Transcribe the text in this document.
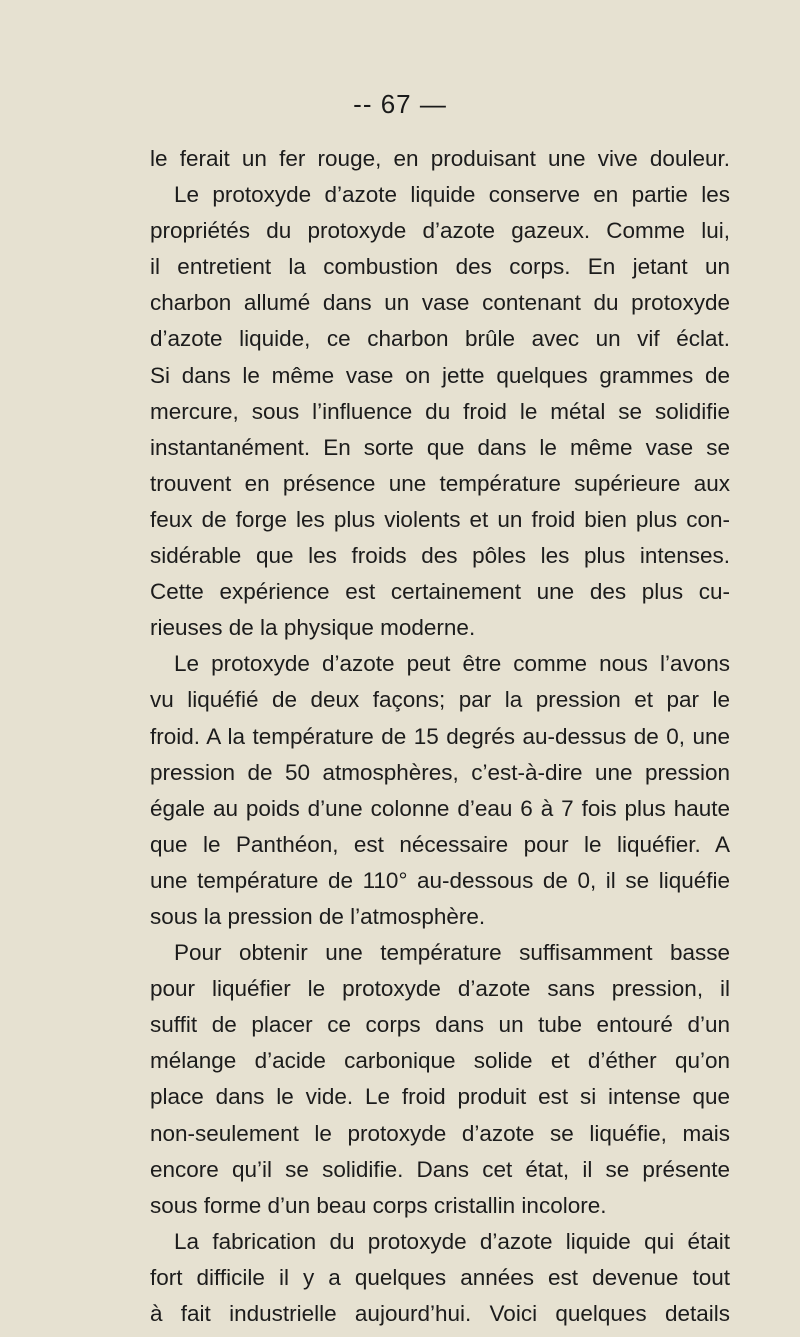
-- 67 —
le ferait un fer rouge, en produisant une vive douleur.
Le protoxyde d’azote liquide conserve en partie les
propriétés du protoxyde d’azote gazeux. Comme lui,
il entretient la combustion des corps. En jetant un
charbon allumé dans un vase contenant du protoxyde
d’azote liquide, ce charbon brûle avec un vif éclat.
Si dans le même vase on jette quelques grammes de
mercure, sous l’influence du froid le métal se solidifie
instantanément. En sorte que dans le même vase se
trouvent en présence une température supérieure aux
feux de forge les plus violents et un froid bien plus con-
sidérable que les froids des pôles les plus intenses.
Cette expérience est certainement une des plus cu-
rieuses de la physique moderne.
Le protoxyde d’azote peut être comme nous l’avons
vu liquéfié de deux façons; par la pression et par le
froid. A la température de 15 degrés au-dessus de 0, une
pression de 50 atmosphères, c’est-à-dire une pression
égale au poids d’une colonne d’eau 6 à 7 fois plus haute
que le Panthéon, est nécessaire pour le liquéfier. A
une température de 110° au-dessous de 0, il se liquéfie
sous la pression de l’atmosphère.
Pour obtenir une température suffisamment basse
pour liquéfier le protoxyde d’azote sans pression, il
suffit de placer ce corps dans un tube entouré d’un
mélange d’acide carbonique solide et d’éther qu’on
place dans le vide. Le froid produit est si intense que
non-seulement le protoxyde d’azote se liquéfie, mais
encore qu’il se solidifie. Dans cet état, il se présente
sous forme d’un beau corps cristallin incolore.
La fabrication du protoxyde d’azote liquide qui était
fort difficile il y a quelques années est devenue tout
à fait industrielle aujourd’hui. Voici quelques details
